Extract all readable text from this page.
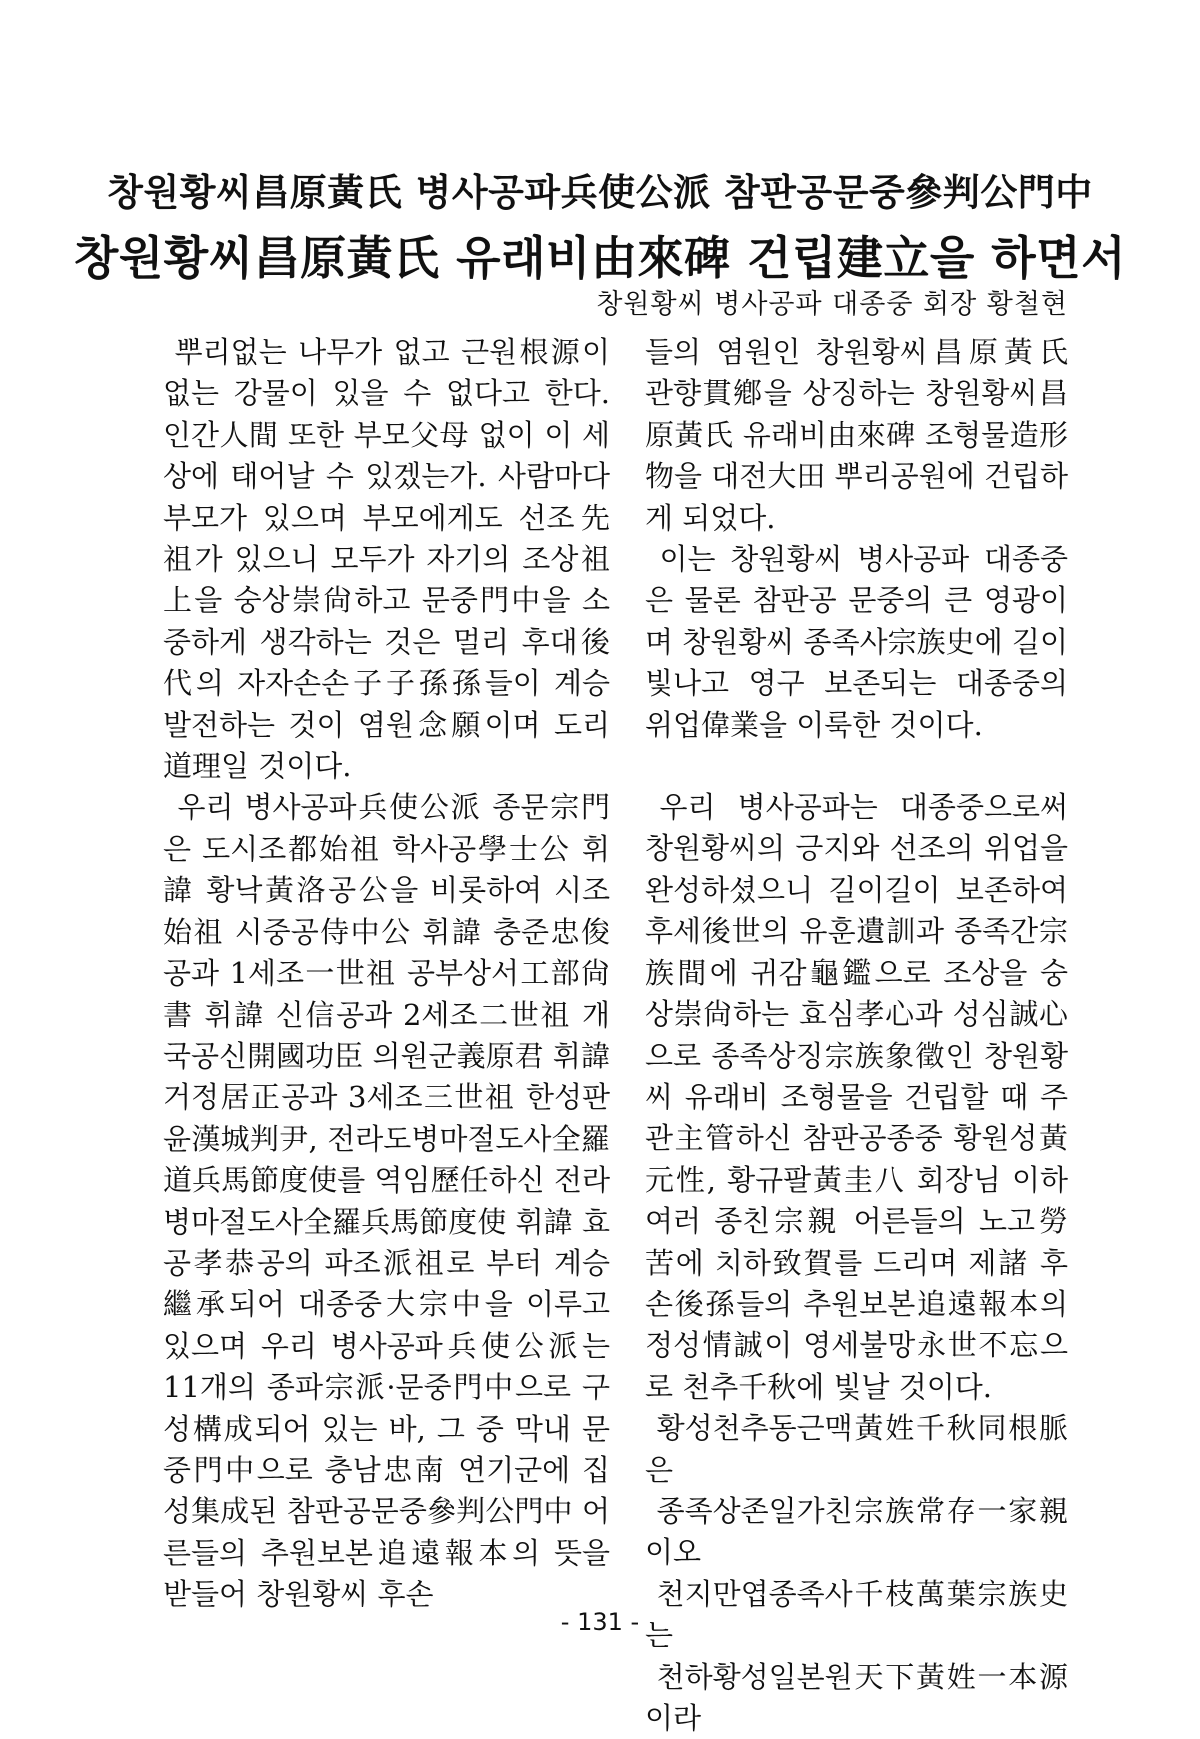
창원황씨昌原黃氏 병사공파兵使公派 참판공문중參判公門中
창원황씨昌原黃氏 유래비由來碑 건립建立을 하면서
창원황씨 병사공파 대종중 회장 황철현

뿌리없는 나무가 없고 근원根源이 없는 강물이 있을 수 없다고 한다. 인간人間 또한 부모父母 없이 이 세상에 태어날 수 있겠는가. 사람마다 부모가 있으며 부모에게도 선조先祖가 있으니 모두가 자기의 조상祖上을 숭상崇尙하고 문중門中을 소중하게 생각하는 것은 멀리 후대後代의 자자손손子子孫孫들이 계승 발전하는 것이 염원念願이며 도리道理일 것이다.

우리 병사공파兵使公派 종문宗門은 도시조都始祖 학사공學士公 휘諱 황낙黃洛공公을 비롯하여 시조始祖 시중공侍中公 휘諱 충준忠俊공과 1세조一世祖 공부상서工部尙書 휘諱 신信공과 2세조二世祖 개국공신開國功臣 의원군義原君 휘諱 거정居正공과 3세조三世祖 한성판윤漢城判尹, 전라도병마절도사全羅道兵馬節度使를 역임歷任하신 전라병마절도사全羅兵馬節度使 휘諱 효공孝恭공의 파조派祖로 부터 계승繼承되어 대종중大宗中을 이루고 있으며 우리 병사공파兵使公派는 11개의 종파宗派·문중門中으로 구성構成되어 있는 바, 그 중 막내 문중門中으로 충남忠南 연기군에 집성集成된 참판공문중參判公門中 어른들의 추원보본追遠報本의 뜻을 받들어 창원황씨 후손

들의 염원인 창원황씨昌原黃氏 관향貫鄕을 상징하는 창원황씨昌原黃氏 유래비由來碑 조형물造形物을 대전大田 뿌리공원에 건립하게 되었다.

이는 창원황씨 병사공파 대종중은 물론 참판공 문중의 큰 영광이며 창원황씨 종족사宗族史에 길이 빛나고 영구 보존되는 대종중의 위업偉業을 이룩한 것이다.

우리 병사공파는 대종중으로써 창원황씨의 긍지와 선조의 위업을 완성하셨으니 길이길이 보존하여 후세後世의 유훈遺訓과 종족간宗族間에 귀감龜鑑으로 조상을 숭상崇尙하는 효심孝心과 성심誠心으로 종족상징宗族象徵인 창원황씨 유래비 조형물을 건립할 때 주관主管하신 참판공종중 황원성黃元性, 황규팔黃圭八 회장님 이하 여러 종친宗親 어른들의 노고勞苦에 치하致賀를 드리며 제諸 후손後孫들의 추원보본追遠報本의 정성情誠이 영세불망永世不忘으로 천추千秋에 빛날 것이다.

황성천추동근맥黃姓千秋同根脈은

종족상존일가친宗族常存一家親이오

천지만엽종족사千枝萬葉宗族史는

천하황성일본원天下黃姓一本源이라

- 131 -
